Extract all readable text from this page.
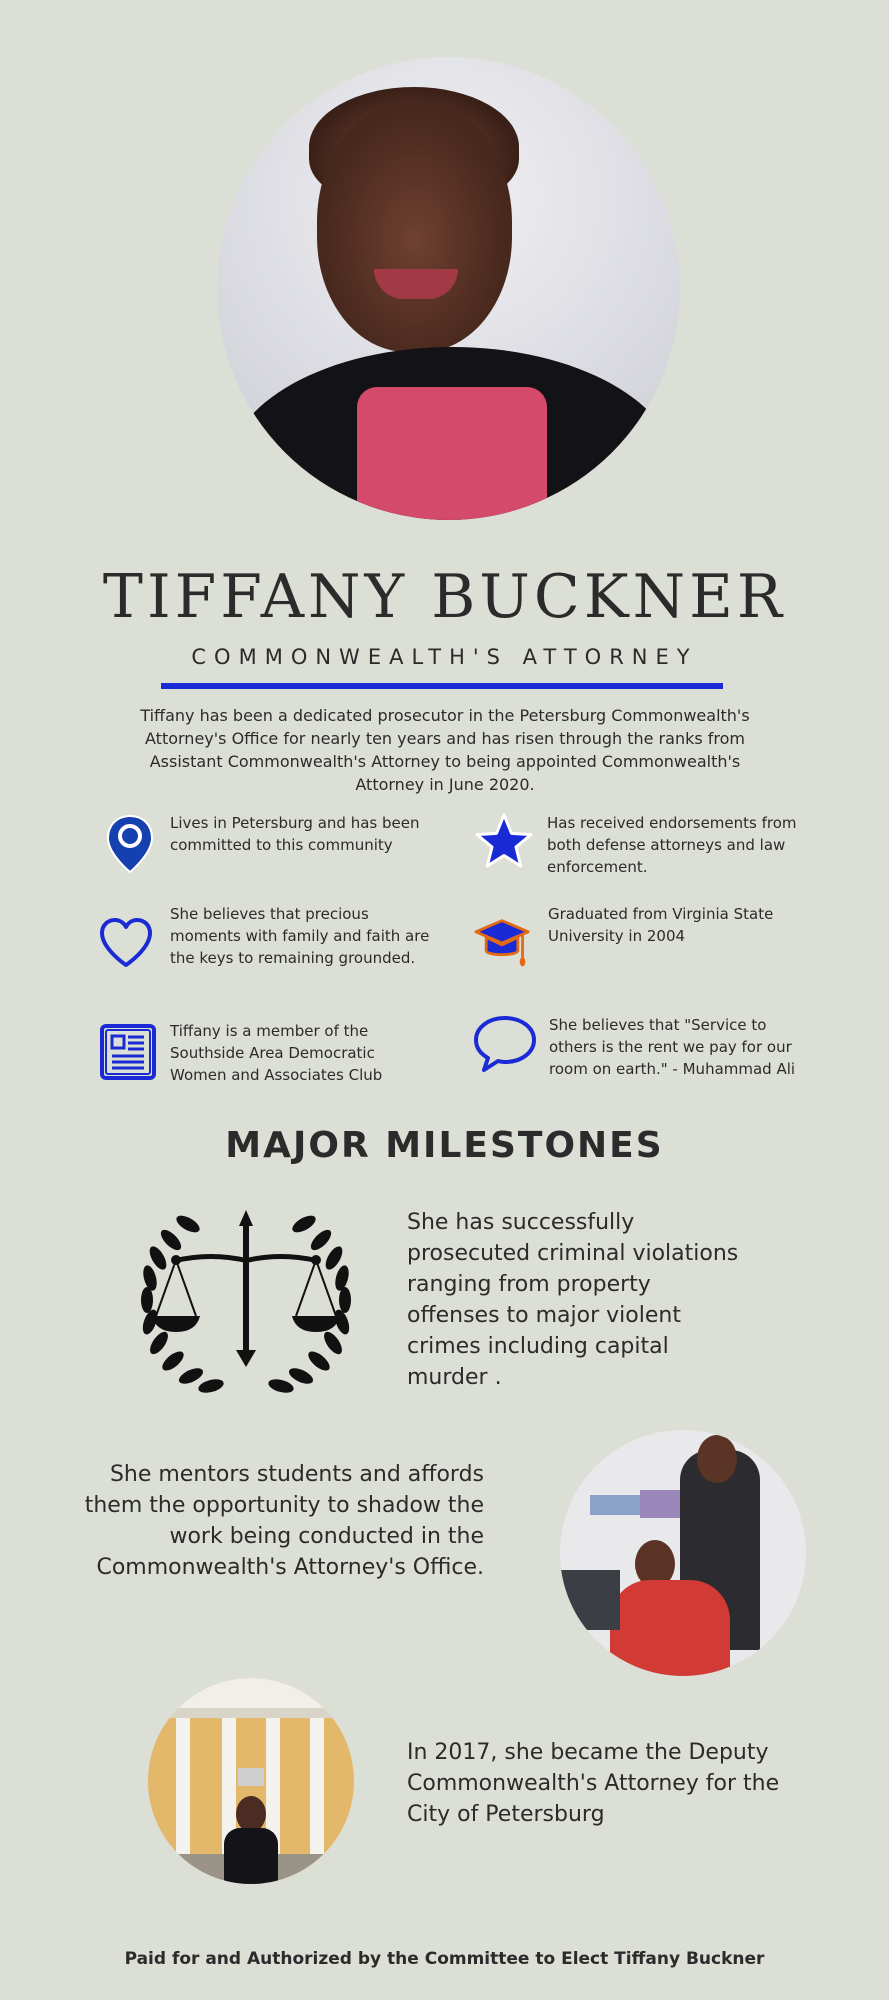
TIFFANY BUCKNER
COMMONWEALTH'S ATTORNEY
Tiffany has been a dedicated prosecutor in the Petersburg Commonwealth's Attorney's Office for nearly ten years and has risen through the ranks from Assistant Commonwealth's Attorney to being appointed Commonwealth's Attorney in June 2020.
Lives in Petersburg and has been committed to this community
Has received endorsements from both defense attorneys and law enforcement.
She believes that precious moments with family and faith are the keys to remaining grounded.
Graduated from Virginia State University in 2004
Tiffany is a member of the Southside Area Democratic Women and Associates Club
She believes that "Service to others is the rent we pay for our room on earth." - Muhammad Ali
MAJOR MILESTONES
She has successfully prosecuted criminal violations ranging from property offenses to major violent crimes including capital murder .
She mentors students and affords them the opportunity to shadow the work being conducted in the Commonwealth's Attorney's Office.
In 2017, she became the Deputy Commonwealth's Attorney for the City of Petersburg
Paid for and Authorized by the Committee to Elect Tiffany Buckner
